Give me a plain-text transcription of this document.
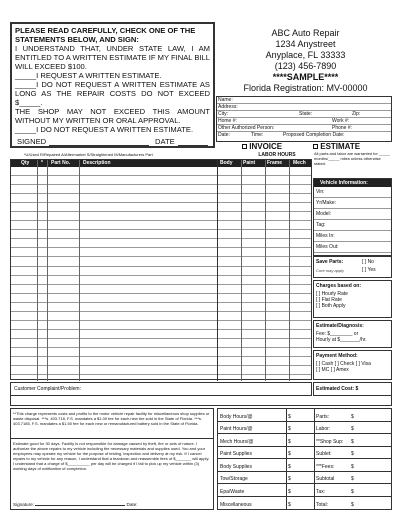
PLEASE READ CAREFULLY, CHECK ONE OF THE STATEMENTS BELOW, AND SIGN:
I UNDERSTAND THAT, UNDER STATE LAW, I AM ENTITLED TO A WRITTEN ESTIMATE IF MY FINAL BILL WILL EXCEED $100.
_____I REQUEST A WRITTEN ESTIMATE.
_____I DO NOT REQUEST A WRITTEN ESTIMATE AS LONG AS THE REPAIR COSTS DO NOT EXCEED $_____.
THE SHOP MAY NOT EXCEED THIS AMOUNT WITHOUT MY WRITTEN OR ORAL APPROVAL.
_____I DO NOT REQUEST A WRITTEN ESTIMATE.
SIGNED	DATE
ABC Auto Repair
1234 Anystreet
Anyplace, FL 33333
(123) 456-7890
****SAMPLE****
Florida Registration: MV-00000
Name:
Address:
City:	State:	Zip:
Home #:	Work #:
Other Authorized Person:	Phone #:
Date:	Time:	Proposed Completion Date:
INVOICE	ESTIMATE
*U/Used R/Repaired A/Aftermarket S/Straightened M/Manufacturers Part	LABOR HOURS	All parts and labor are warranted for _____ months/_____ miles unless otherwise stated.
Qty * Part No.	Description	Body Paint Frame Mech
Vehicle Information:
Vin:
Yr/Make:
Model:
Tag:
Miles In:
Miles Out:
Save Parts:	[ ] No
Core may apply	[ ] Yes
Charges based on:
[ ] Hourly Rate
[ ] Flat Rate
[ ] Both Apply
Estimate/Diagnosis:
Fee: $________ or
Hourly at $_______/hr.
Payment Method:
[ ] Cash [ ] Check [ ] Visa
[ ] MC [ ] Amex
Customer Complaint/Problem:	Estimated Cost: $
**This charge represents costs and profits to the motor vehicle repair facility for miscellaneous shop supplies or waste disposal. ***s. 403.718, F.S. mandates a $1.00 fee for each new tire sold in the State of Florida. ***s. 403.7185, F.S. mandates a $1.50 fee for each new or remanufactured battery sold in the State of Florida.
Estimate good for 30 days. Facility is not responsible for damage caused by theft, fire or acts of nature. I authorize the above repairs to my vehicle including the necessary materials and supplies used. You and your employees may operate my vehicle for the purpose of testing, inspection and delivery at my risk. If I cancel repairs to my vehicle for any reason, I understand that a teardown and reassemble fees of $_______ will apply. I understand that a charge of $__________ per day will be charged if I fail to pick up my vehicle within (3) working days of notification of completion.
Signature:	Date:
Body Hours/@	$	Parts:	$
Paint Hours/@	$	Labor:	$
Mech Hours/@	$	**Shop Sup: $
Paint Supplies	$	Sublet:	$
Body Supplies	$	***Fees:	$
Tow/Storage	$	Subtotal	$
Epa/Waste	$	Tax:	$
Miscellaneous	$	Total:	$
